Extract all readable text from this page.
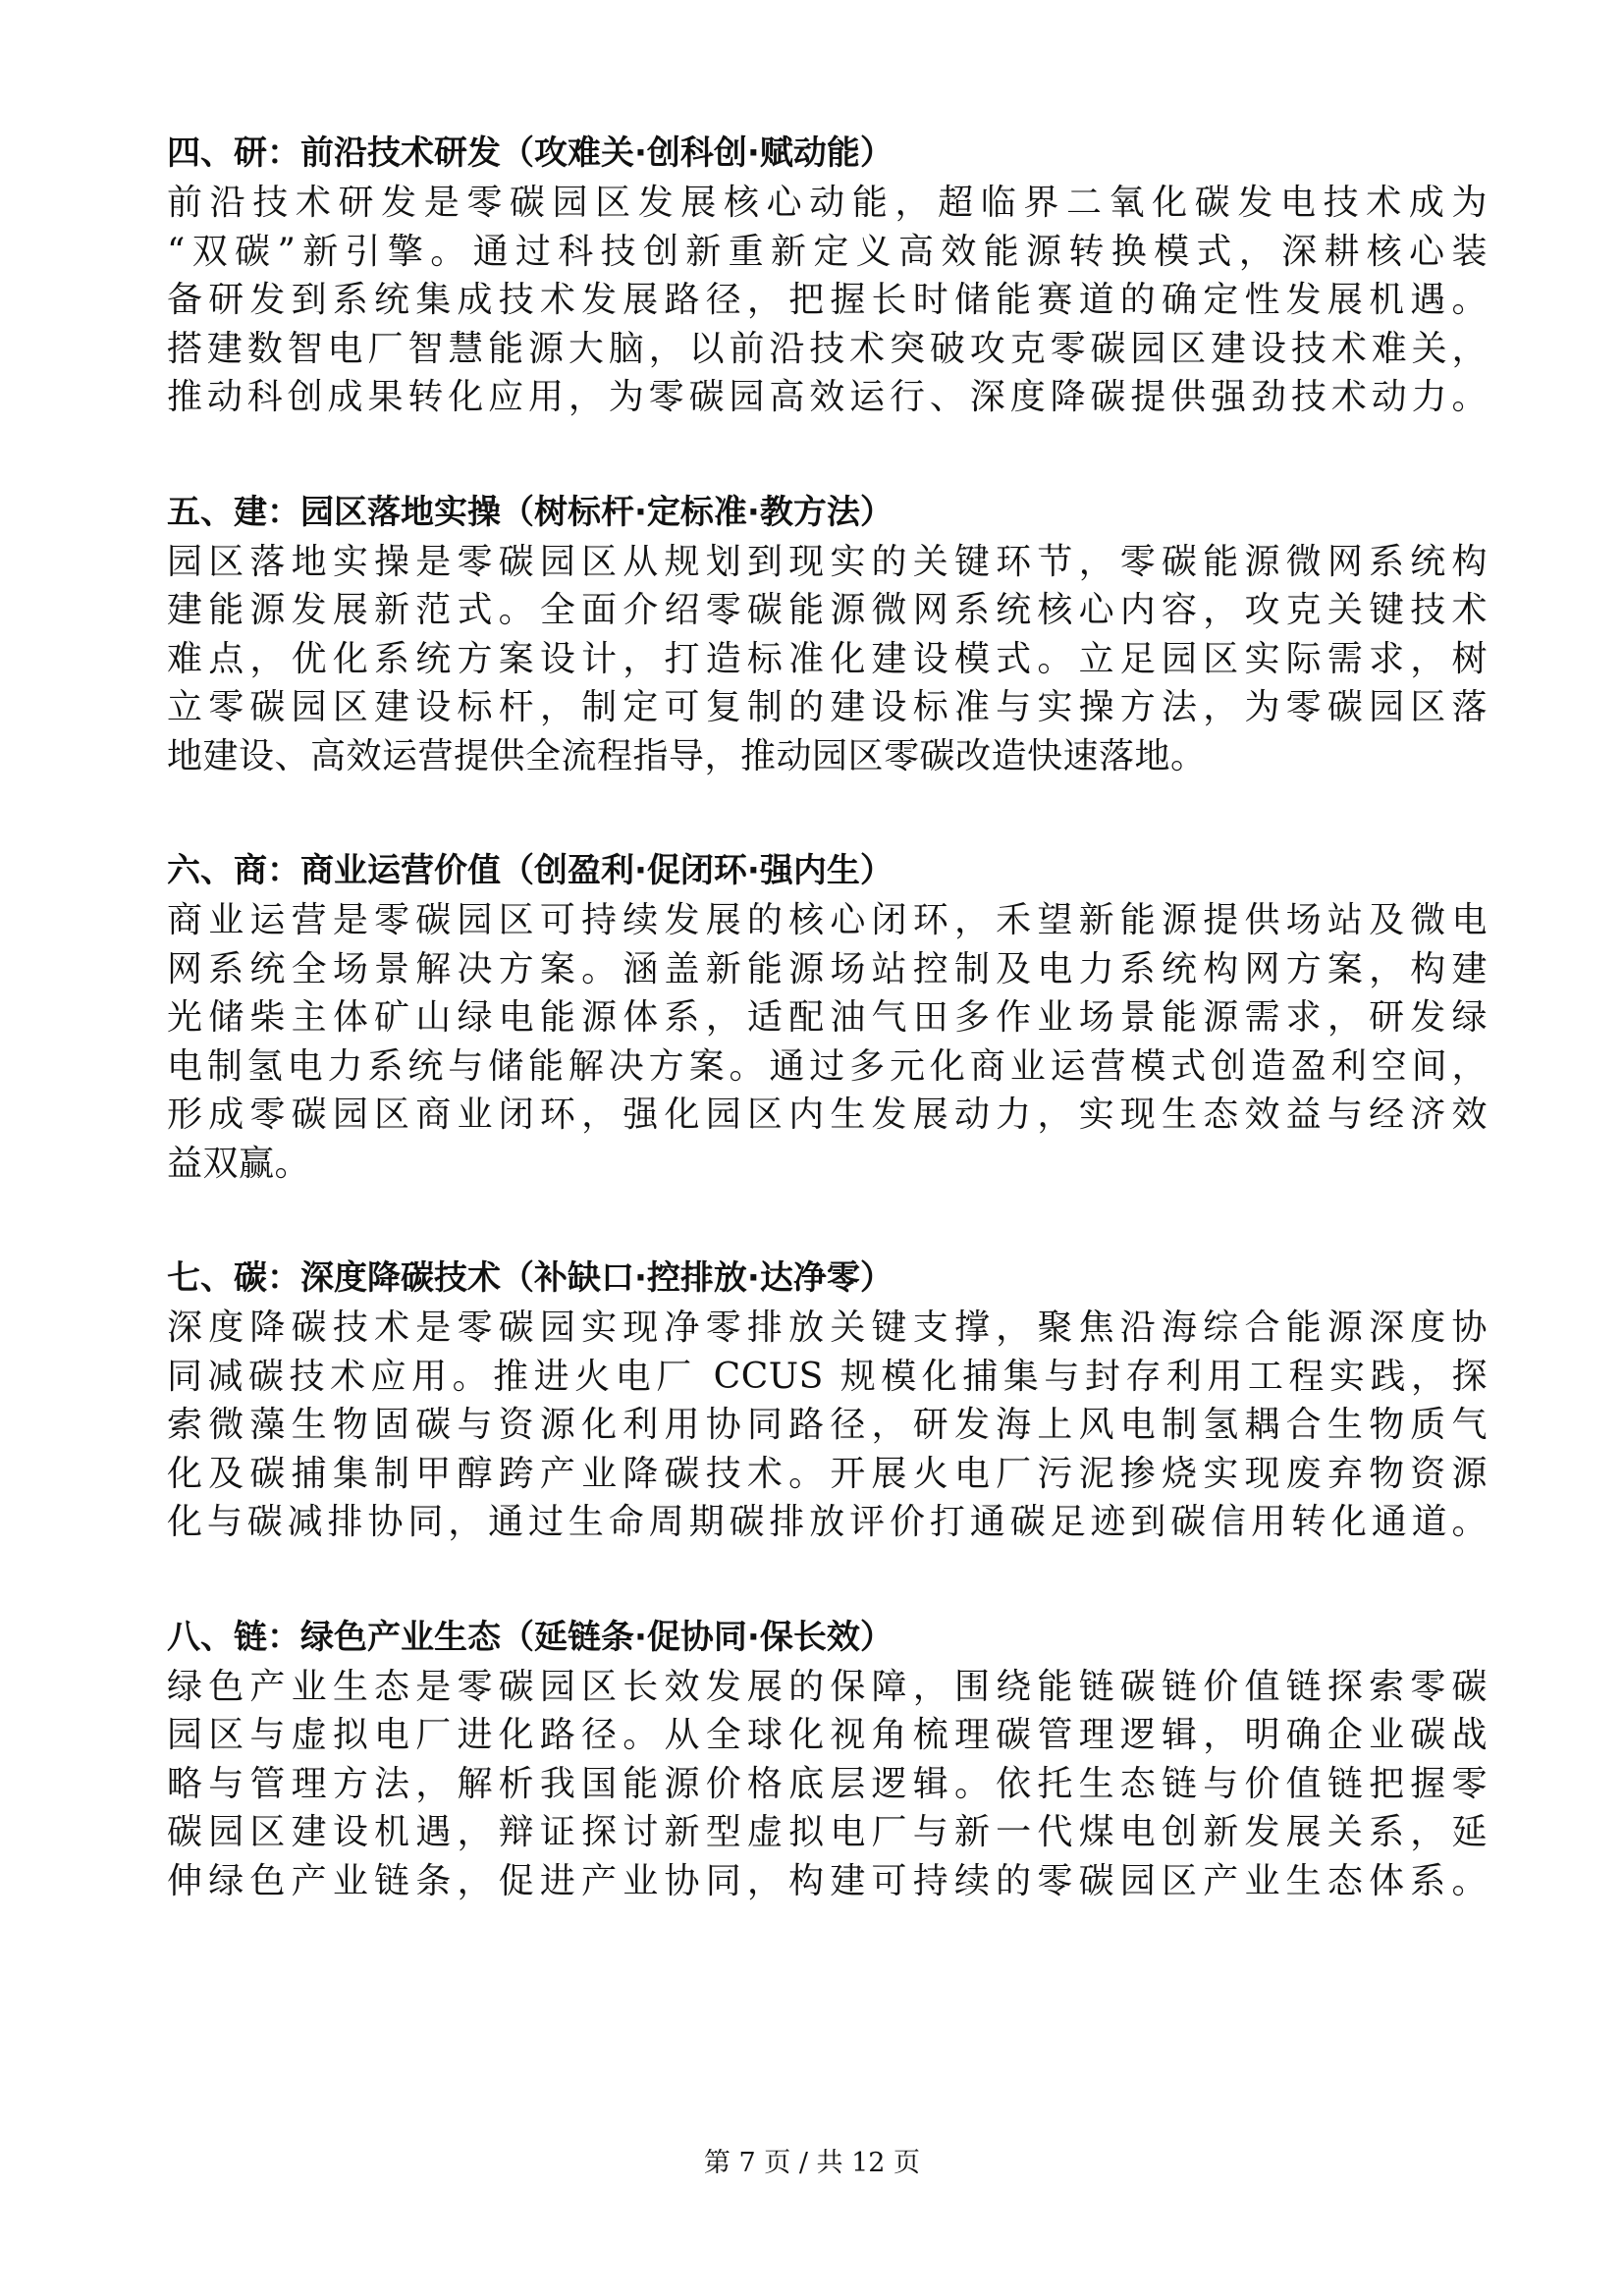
四、研：前沿技术研发（攻难关·创科创·赋动能）
前沿技术研发是零碳园区发展核心动能，超临界二氧化碳发电技术成为
“双碳”新引擎。通过科技创新重新定义高效能源转换模式，深耕核心装
备研发到系统集成技术发展路径，把握长时储能赛道的确定性发展机遇。
搭建数智电厂智慧能源大脑，以前沿技术突破攻克零碳园区建设技术难关，
推动科创成果转化应用，为零碳园高效运行、深度降碳提供强劲技术动力。
五、建：园区落地实操（树标杆·定标准·教方法）
园区落地实操是零碳园区从规划到现实的关键环节，零碳能源微网系统构
建能源发展新范式。全面介绍零碳能源微网系统核心内容，攻克关键技术
难点，优化系统方案设计，打造标准化建设模式。立足园区实际需求，树
立零碳园区建设标杆，制定可复制的建设标准与实操方法，为零碳园区落
地建设、高效运营提供全流程指导，推动园区零碳改造快速落地。
六、商：商业运营价值（创盈利·促闭环·强内生）
商业运营是零碳园区可持续发展的核心闭环，禾望新能源提供场站及微电
网系统全场景解决方案。涵盖新能源场站控制及电力系统构网方案，构建
光储柴主体矿山绿电能源体系，适配油气田多作业场景能源需求，研发绿
电制氢电力系统与储能解决方案。通过多元化商业运营模式创造盈利空间，
形成零碳园区商业闭环，强化园区内生发展动力，实现生态效益与经济效
益双赢。
七、碳：深度降碳技术（补缺口·控排放·达净零）
深度降碳技术是零碳园实现净零排放关键支撑，聚焦沿海综合能源深度协
同减碳技术应用。推进火电厂 CCUS 规模化捕集与封存利用工程实践，探
索微藻生物固碳与资源化利用协同路径，研发海上风电制氢耦合生物质气
化及碳捕集制甲醇跨产业降碳技术。开展火电厂污泥掺烧实现废弃物资源
化与碳减排协同，通过生命周期碳排放评价打通碳足迹到碳信用转化通道。
八、链：绿色产业生态（延链条·促协同·保长效）
绿色产业生态是零碳园区长效发展的保障，围绕能链碳链价值链探索零碳
园区与虚拟电厂进化路径。从全球化视角梳理碳管理逻辑，明确企业碳战
略与管理方法，解析我国能源价格底层逻辑。依托生态链与价值链把握零
碳园区建设机遇，辩证探讨新型虚拟电厂与新一代煤电创新发展关系，延
伸绿色产业链条，促进产业协同，构建可持续的零碳园区产业生态体系。
第 7 页 / 共 12 页
